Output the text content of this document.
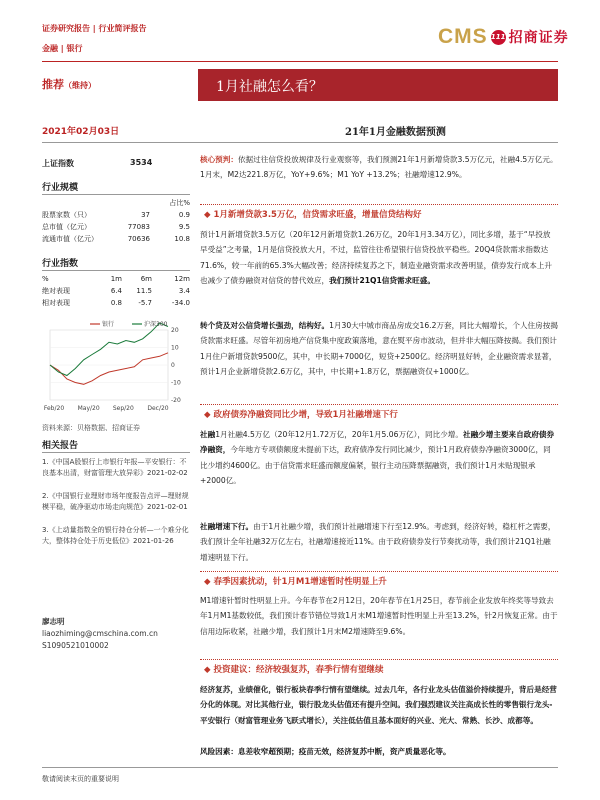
证券研究报告 | 行业简评报告
金融 | 银行
CMS 111 招商证券
推荐（维持）	1月社融怎么看？
2021年02月03日	21年1月金融数据预测
上证指数	3534
行业规模
		占比%
股票家数（只）	37	0.9
总市值（亿元）	77083	9.5
流通市值（亿元）	70636	10.8
行业指数
%	1m	6m	12m
绝对表现	6.4	11.5	3.4
相对表现	0.8	-5.7	-34.0
20
10
0
-10
-20
Feb/20 May/20 Sep/20 Dec/20
银行	沪深300
资料来源：贝格数据、招商证券
相关报告
1.《中国A股银行上市银行年报—平安银行：不良基本出清，财富管理大放异彩》2021-02-02
2.《中国银行业理财市场年度报告点评—理财规模平稳，破净驱动市场走向规范》2021-02-01
3.《上动量指数全的银行持仓分析—一个难分化大，整体持仓处于历史低位》2021-01-26
廖志明
liaozhiming@cmschina.com.cn
S1090521010002
核心预判：依据过往信贷投放规律及行业观察等，我们预测21年1月新增贷款3.5万亿元，社融4.5万亿元。1月末，M2达221.8万亿，YoY+9.6%；M1 YoY +13.2%；社融增速12.9%。
◆ 1月新增贷款3.5万亿，信贷需求旺盛，增量信贷结构好
预计1月新增贷款3.5万亿（20年12月新增贷款1.26万亿，20年1月3.34万亿），同比多增，基于“早投放早受益”之考量，1月是信贷投放大月，不过，监管往往希望银行信贷投放平稳些。20Q4贷款需求指数达71.6%，较一年前的65.3%大幅改善；经济持续复苏之下，制造业融资需求改善明显，债券发行成本上升也减少了债券融资对信贷的替代效应，我们预计21Q1信贷需求旺盛。
转个贷及对公信贷增长强劲，结构好。1月30大中城市商品房成交16.2万套，同比大幅增长，个人住房按揭贷款需求旺盛。尽管年初房地产信贷集中度政策落地，意在熨平房市波动，但并非大幅压降按揭。我们预计1月住户新增贷款9500亿，其中，中长期+7000亿，短贷+2500亿。经济明显好转，企业融资需求显著，预计1月企业新增贷款2.6万亿，其中，中长期+1.8万亿，票据融资仅+1000亿。
◆ 政府债券净融资同比少增，导致1月社融增速下行
社融1月社融4.5万亿（20年12月1.72万亿，20年1月5.06万亿），同比少增。社融少增主要来自政府债券净融资，今年地方专项债额度未提前下达，政府债净发行同比减少，预计1月政府债券净融资3000亿，同比少增约4600亿。由于信贷需求旺盛而额度偏紧，银行主动压降票据融资，我们预计1月未贴现银承+2000亿。
社融增速下行。由于1月社融少增，我们预计社融增速下行至12.9%。考虑到，经济好转，稳杠杆之需要，我们预计全年社融32万亿左右，社融增速接近11%。由于政府债券发行节奏扰动等，我们预计21Q1社融增速明显下行。
◆ 春季因素扰动，针1月M1增速暂时性明显上升
M1增速针暂时性明显上升。今年春节在2月12日，20年春节在1月25日，春节前企业发放年终奖等导致去年1月M1基数较低，我们预计春节错位导致1月末M1增速暂时性明显上升至13.2%，针2月恢复正常。由于信用边际收紧，社融少增，我们预计1月末M2增速降至9.6%。
◆ 投资建议：经济较强复苏，春季行情有望继续
经济复苏，业绩催化，银行板块春季行情有望继续。过去几年，各行业龙头估值溢价持续提升，背后是经营分化的体现。对比其他行业，银行股龙头估值还有提升空间。我们强烈建议关注高成长性的零售银行龙头-平安银行（财富管理业务飞跃式增长），关注低估值且基本面好的兴业、光大、常熟、长沙、成都等。
风险因素：息差收窄超预期；疫苗无效，经济复苏中断，资产质量恶化等。
敬请阅读末页的重要说明
